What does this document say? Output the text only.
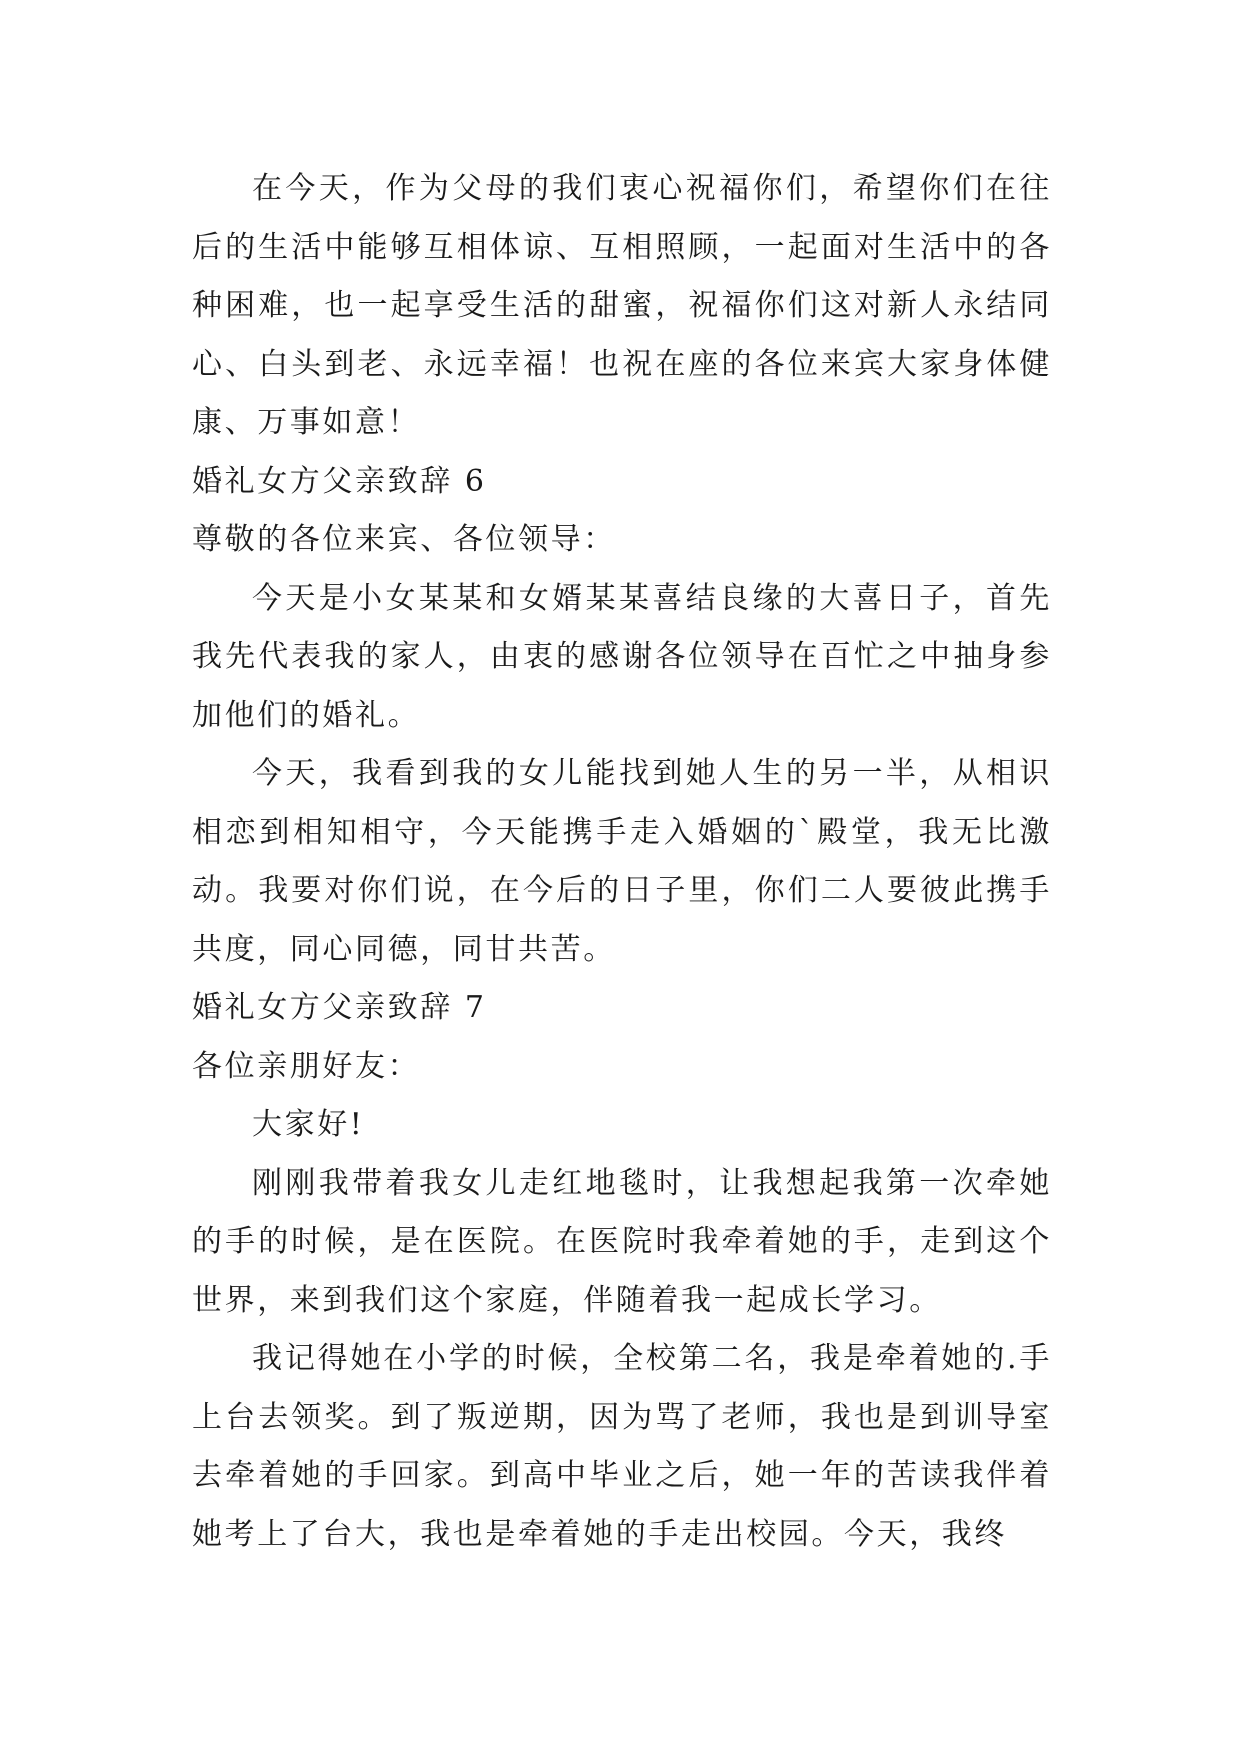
在今天，作为父母的我们衷心祝福你们，希望你们在往后的生活中能够互相体谅、互相照顾，一起面对生活中的各种困难，也一起享受生活的甜蜜，祝福你们这对新人永结同心、白头到老、永远幸福！也祝在座的各位来宾大家身体健康、万事如意！

婚礼女方父亲致辞 6

尊敬的各位来宾、各位领导：

今天是小女某某和女婿某某喜结良缘的大喜日子，首先我先代表我的家人，由衷的感谢各位领导在百忙之中抽身参加他们的婚礼。

今天，我看到我的女儿能找到她人生的另一半，从相识相恋到相知相守，今天能携手走入婚姻的`殿堂，我无比激动。我要对你们说，在今后的日子里，你们二人要彼此携手共度，同心同德，同甘共苦。

婚礼女方父亲致辞 7

各位亲朋好友：

大家好!

刚刚我带着我女儿走红地毯时，让我想起我第一次牵她的手的时候，是在医院。在医院时我牵着她的手，走到这个世界，来到我们这个家庭，伴随着我一起成长学习。

我记得她在小学的时候，全校第二名，我是牵着她的.手上台去领奖。到了叛逆期，因为骂了老师，我也是到训导室去牵着她的手回家。到高中毕业之后，她一年的苦读我伴着她考上了台大，我也是牵着她的手走出校园。今天，我终
